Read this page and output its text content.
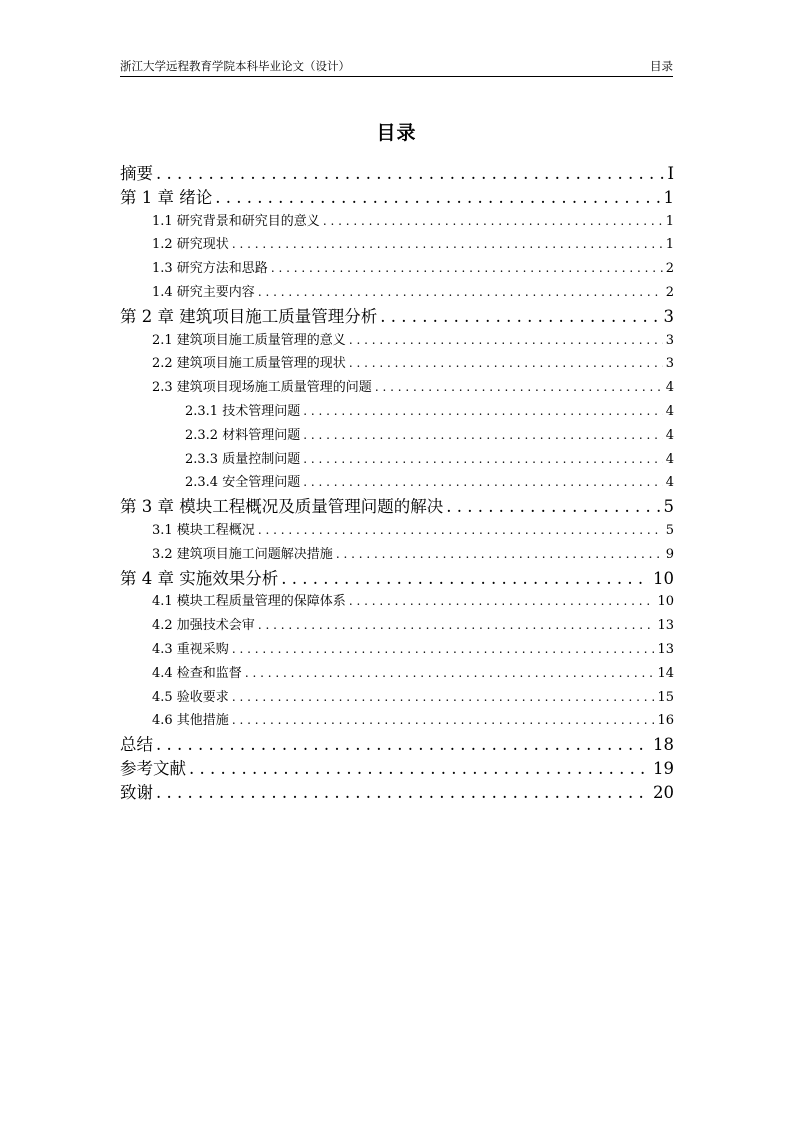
浙江大学远程教育学院本科毕业论文（设计）	目录
目录
摘要 . . .	I
第 1 章 绪论 . . .	1
1.1 研究背景和研究目的意义 . . .	1
1.2 研究现状 . . .	1
1.3 研究方法和思路 . . .	2
1.4 研究主要内容 . . .	2
第 2 章 建筑项目施工质量管理分析 . . .	3
2.1 建筑项目施工质量管理的意义 . . .	3
2.2 建筑项目施工质量管理的现状 . . .	3
2.3 建筑项目现场施工质量管理的问题 . . .	4
2.3.1 技术管理问题 . . .	4
2.3.2 材料管理问题 . . .	4
2.3.3 质量控制问题 . . .	4
2.3.4 安全管理问题 . . .	4
第 3 章 模块工程概况及质量管理问题的解决 . . .	5
3.1 模块工程概况 . . .	5
3.2 建筑项目施工问题解决措施 . . .	9
第 4 章 实施效果分析 . . .	10
4.1 模块工程质量管理的保障体系 . . .	10
4.2 加强技术会审 . . .	13
4.3 重视采购 . . .	13
4.4 检查和监督 . . .	14
4.5 验收要求 . . .	15
4.6 其他措施 . . .	16
总结 . . .	18
参考文献 . . .	19
致谢 . . .	20
